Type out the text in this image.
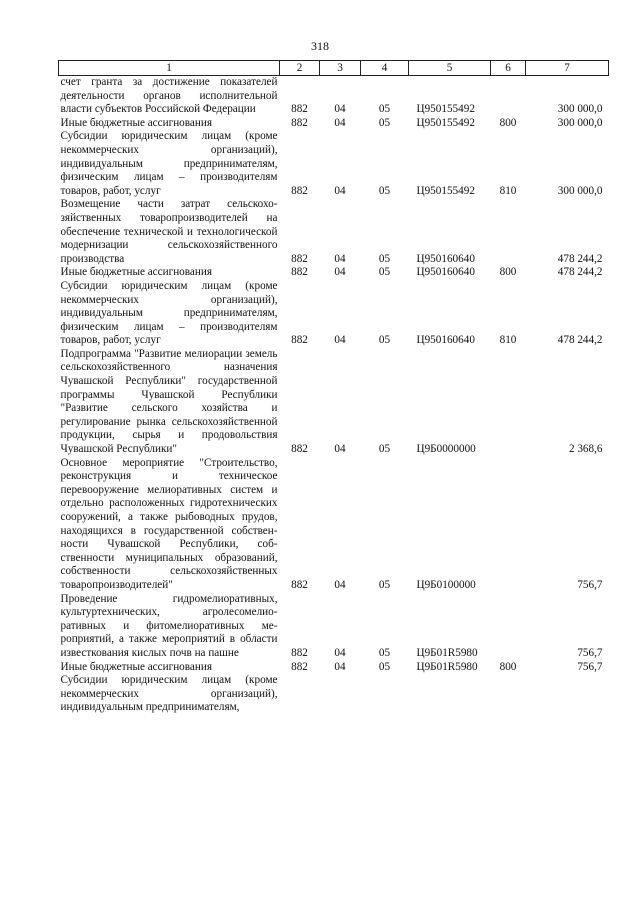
318
1	2	3	4	5	6	7
счет гранта за достижение показателей деятельности органов исполнительной власти субъектов Российской Федерации	882	04	05	Ц950155492		300 000,0
Иные бюджетные ассигнования	882	04	05	Ц950155492	800	300 000,0
Субсидии юридическим лицам (кроме некоммерческих организаций), индивидуальным предпринимателям, физическим лицам – производителям товаров, работ, услуг	882	04	05	Ц950155492	810	300 000,0
Возмещение части затрат сельскохозяйственных товаропроизводителей на обеспечение технической и технологической модернизации сельскохозяйственного производства	882	04	05	Ц950160640		478 244,2
Иные бюджетные ассигнования	882	04	05	Ц950160640	800	478 244,2
Субсидии юридическим лицам (кроме некоммерческих организаций), индивидуальным предпринимателям, физическим лицам – производителям товаров, работ, услуг	882	04	05	Ц950160640	810	478 244,2
Подпрограмма "Развитие мелиорации земель сельскохозяйственного назначения Чувашской Республики" государственной программы Чувашской Республики "Развитие сельского хозяйства и регулирование рынка сельскохозяйственной продукции, сырья и продовольствия Чувашской Республики"	882	04	05	Ц9Б0000000		2 368,6
Основное мероприятие "Строительство, реконструкция и техническое перевооружение мелиоративных систем и отдельно расположенных гидротехнических сооружений, а также рыбоводных прудов, находящихся в государственной собственности Чувашской Республики, собственности муниципальных образований, собственности сельскохозяйственных товаропроизводителей"	882	04	05	Ц9Б0100000		756,7
Проведение гидромелиоративных, культуртехнических, агролесомелиоративных и фитомелиоративных мероприятий, а также мероприятий в области известкования кислых почв на пашне	882	04	05	Ц9Б01R5980		756,7
Иные бюджетные ассигнования	882	04	05	Ц9Б01R5980	800	756,7
Субсидии юридическим лицам (кроме некоммерческих организаций), индивидуальным предпринимателям,						
